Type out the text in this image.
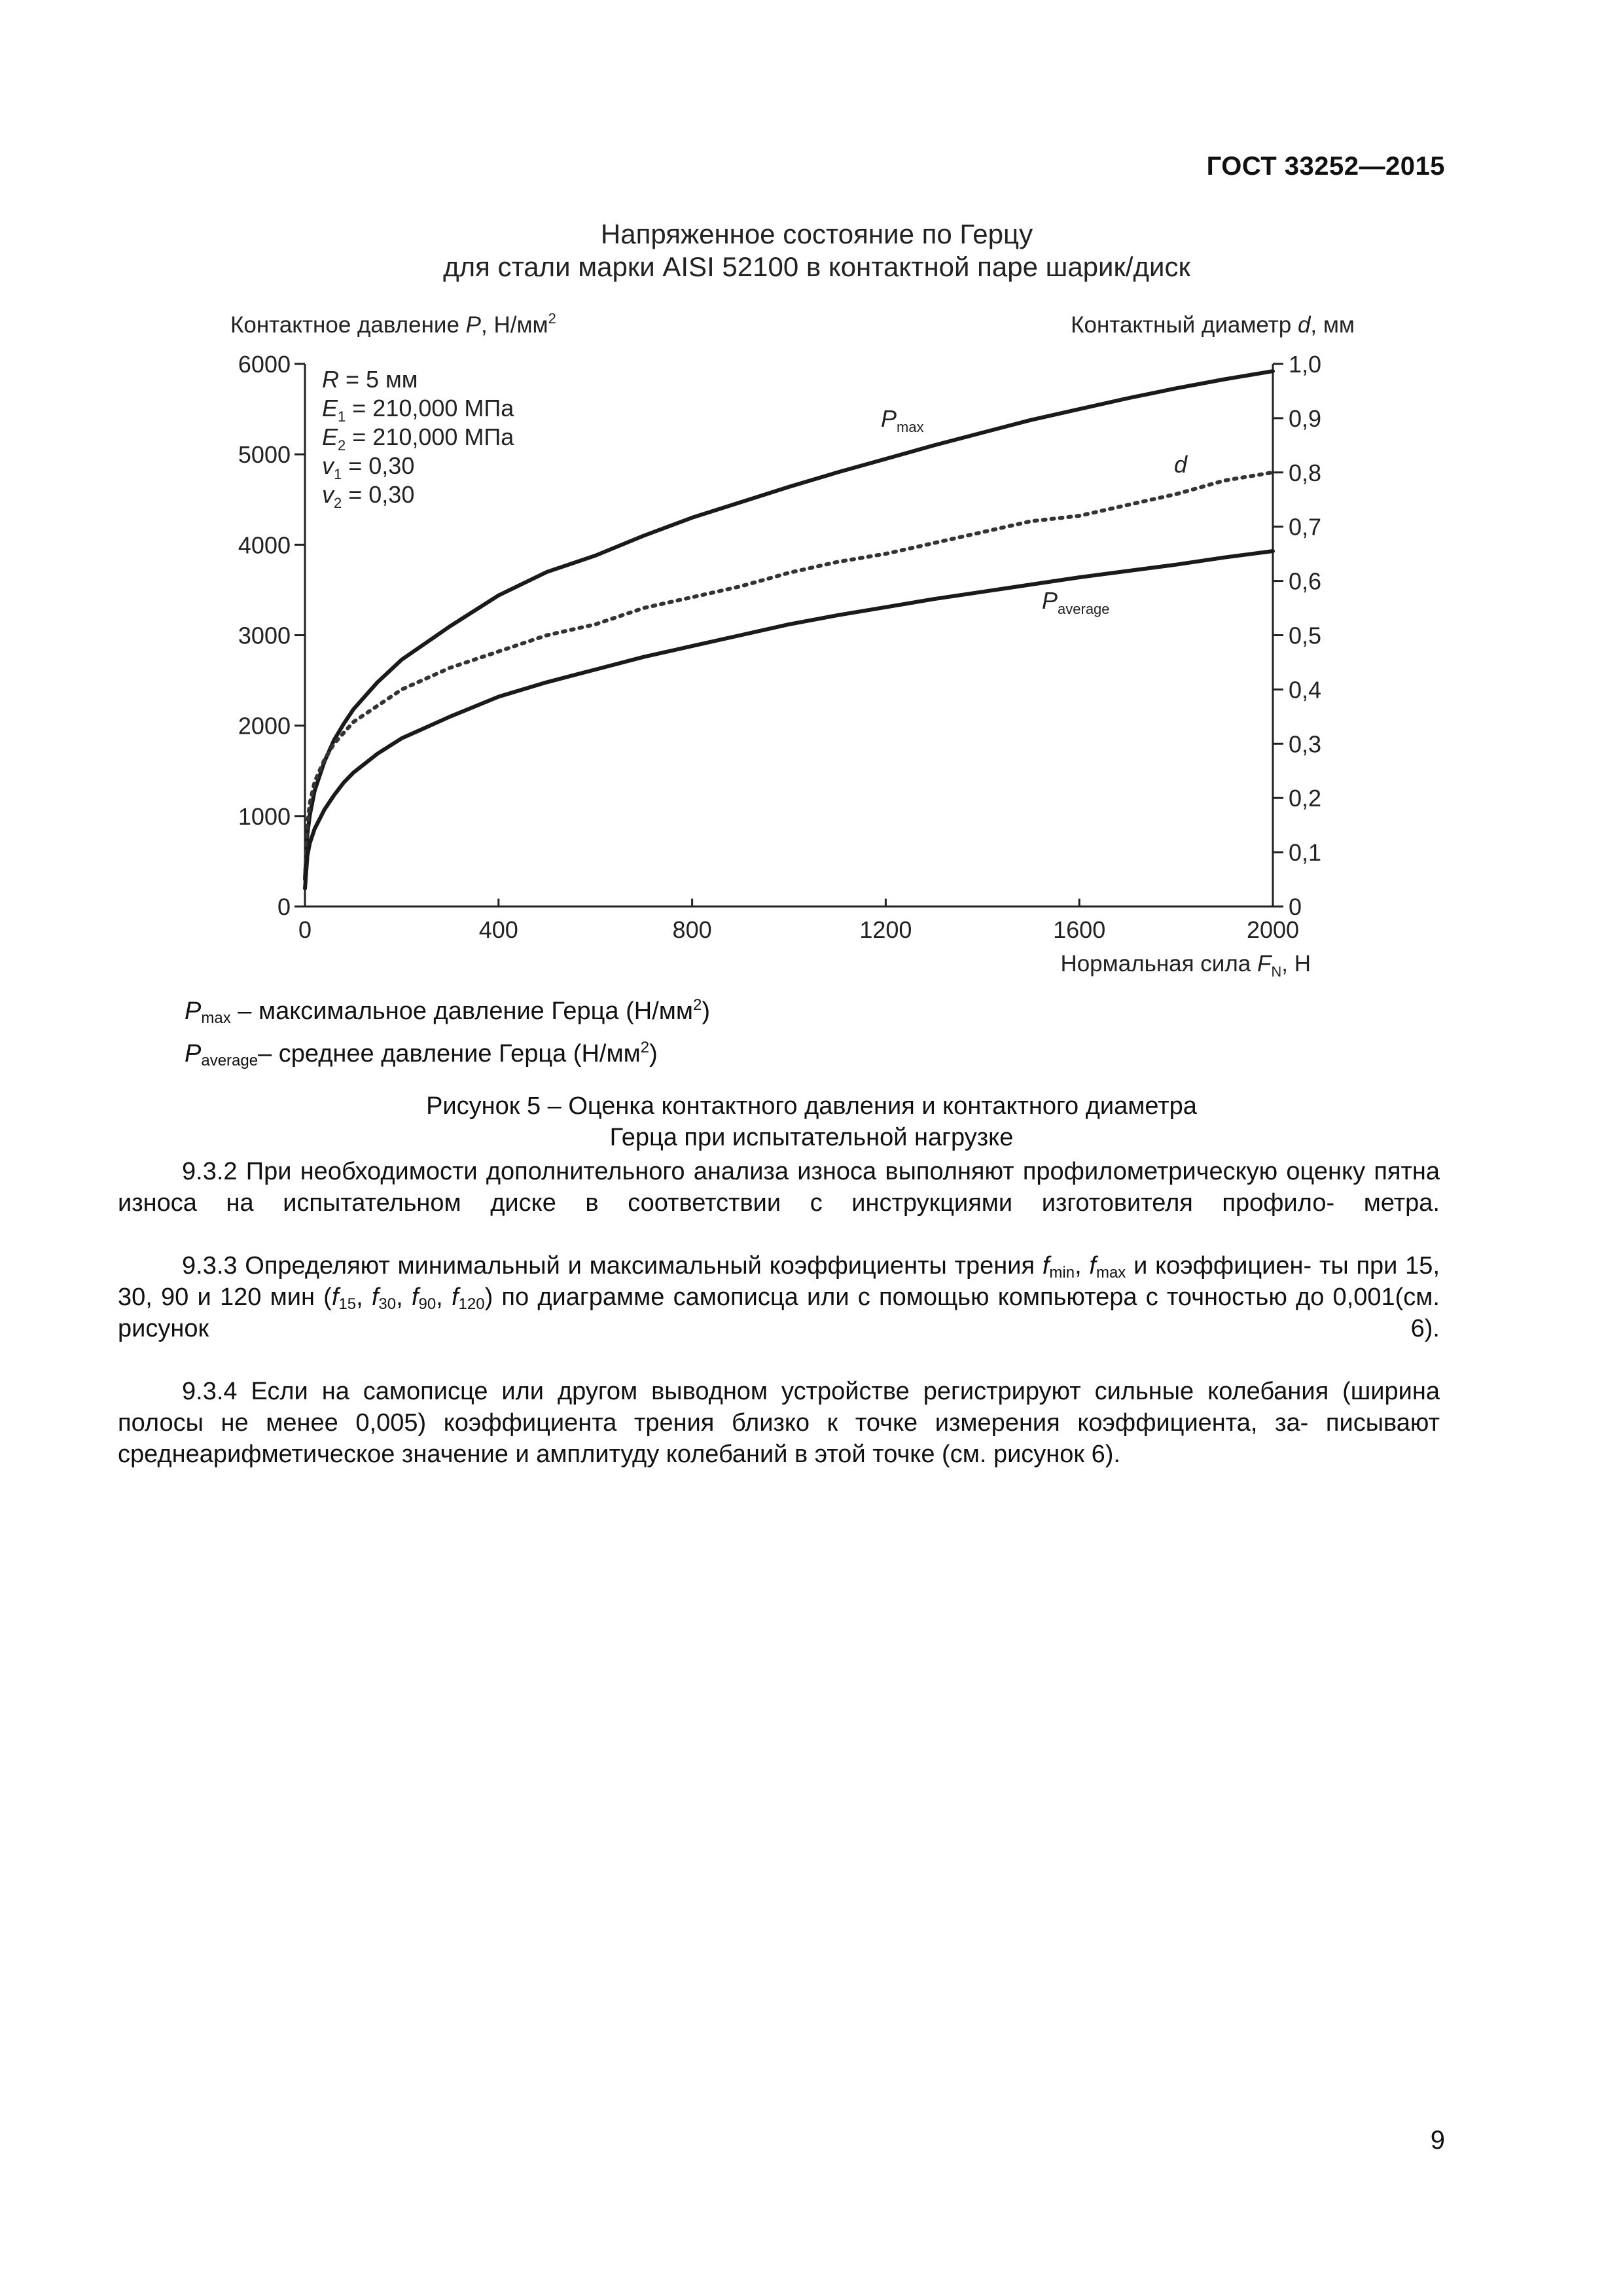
ГОСТ 33252—2015
Напряженное состояние по Герцу
для стали марки AISI 52100 в контактной паре шарик/диск
Контактное давление P, $Н/мм^2$	Контактный диаметр d, мм
Нормальная сила $F_N$, Н
0	400	800	1200	1600	2000
0
1000
2000
3000
4000
5000
6000
0
0,1
0,2
0,3
0,4
0,5
0,6
0,7
0,8
0,9
1,0
R = 5 мм
$E_1 = 210,000$ МПа
$E_2 = 210,000$ МПа
$v_1 = 0,30$
$v_2 = 0,30$
$P_{max}$
d
$P_{average}$
$P_{max}$ – максимальное давление Герца $(Н/мм^2)$
$P_{average}-$ среднее давление Герца $(Н/мм^2)$
Рисунок 5 – Оценка контактного давления и контактного диаметра
Герца при испытательной нагрузке

9.3.2 При необходимости дополнительного анализа износа выполняют профилометрическую оценку пятна износа на испытательном диске в соответствии с инструкциями изготовителя профило- метра.

9.3.3 Определяют минимальный и максимальный коэффициенты трения $f_{min}$, $f_{max}$ и коэффициен- ты при 15, 30, 90 и 120 мин ($f_{15}$, $f_{30}$, $f_{90}$, $f_{120}$) по диаграмме самописца или с помощью компьютера с точностью до 0,001(см. рисунок 6).

9.3.4 Если на самописце или другом выводном устройстве регистрируют сильные колебания (ширина полосы не менее 0,005) коэффициента трения близко к точке измерения коэффициента, за- писывают среднеарифметическое значение и амплитуду колебаний в этой точке (см. рисунок 6).

9
